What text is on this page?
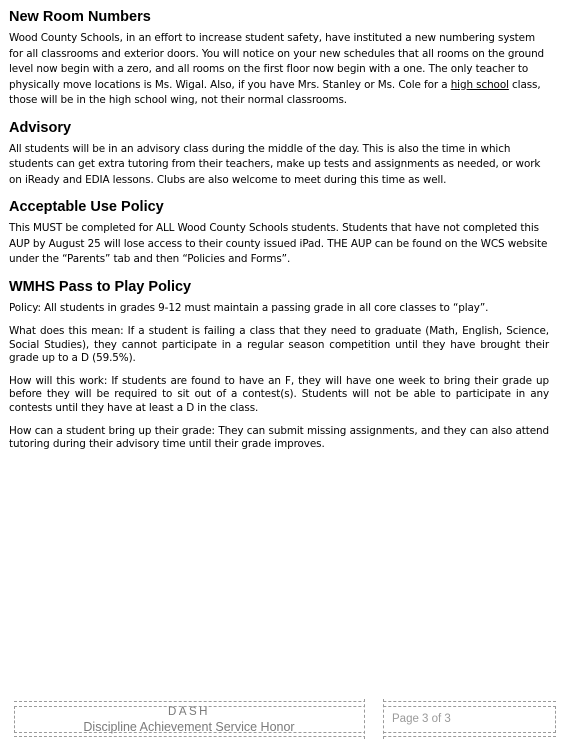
New Room Numbers

Wood County Schools, in an effort to increase student safety, have instituted a new numbering system for all classrooms and exterior doors. You will notice on your new schedules that all rooms on the ground level now begin with a zero, and all rooms on the first floor now begin with a one. The only teacher to physically move locations is Ms. Wigal. Also, if you have Mrs. Stanley or Ms. Cole for a high school class, those will be in the high school wing, not their normal classrooms.

Advisory

All students will be in an advisory class during the middle of the day. This is also the time in which students can get extra tutoring from their teachers, make up tests and assignments as needed, or work on iReady and EDIA lessons. Clubs are also welcome to meet during this time as well.

Acceptable Use Policy

This MUST be completed for ALL Wood County Schools students. Students that have not completed this AUP by August 25 will lose access to their county issued iPad. THE AUP can be found on the WCS website under the “Parents” tab and then “Policies and Forms”.

WMHS Pass to Play Policy

Policy: All students in grades 9-12 must maintain a passing grade in all core classes to “play”.

What does this mean: If a student is failing a class that they need to graduate (Math, English, Science, Social Studies), they cannot participate in a regular season competition until they have brought their grade up to a D (59.5%).

How will this work: If students are found to have an F, they will have one week to bring their grade up before they will be required to sit out of a contest(s). Students will not be able to participate in any contests until they have at least a D in the class.

How can a student bring up their grade: They can submit missing assignments, and they can also attend tutoring during their advisory time until their grade improves.

DASH
Discipline Achievement Service Honor
Page 3 of 3
